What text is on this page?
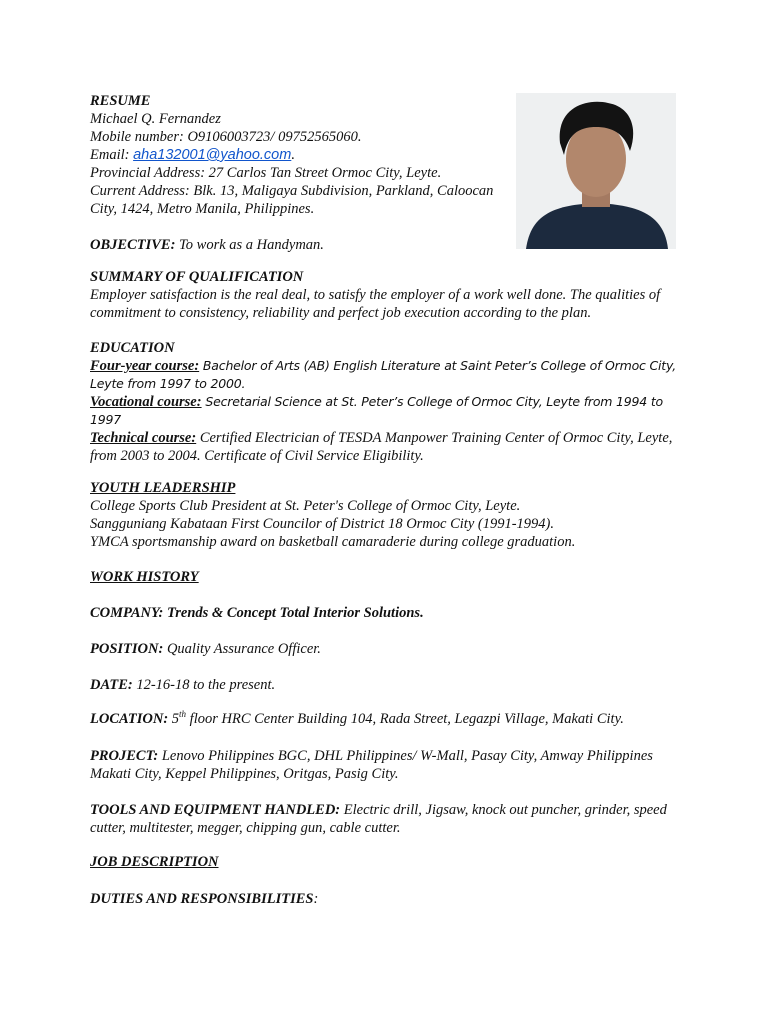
RESUME
Michael Q. Fernandez
Mobile number: O9106003723/ 09752565060.
Email: aha132001@yahoo.com.
Provincial Address: 27 Carlos Tan Street Ormoc City, Leyte.
Current Address: Blk. 13, Maligaya Subdivision, Parkland, Caloocan
City, 1424, Metro Manila, Philippines.
OBJECTIVE: To work as a Handyman.
SUMMARY OF QUALIFICATION
Employer satisfaction is the real deal, to satisfy the employer of a work well done. The qualities of commitment to consistency, reliability and perfect job execution according to the plan.
EDUCATION
Four-year course: Bachelor of Arts (AB) English Literature at Saint Peter’s College of Ormoc City, Leyte from 1997 to 2000.
Vocational course: Secretarial Science at St. Peter’s College of Ormoc City, Leyte from 1994 to 1997
Technical course: Certified Electrician of TESDA Manpower Training Center of Ormoc City, Leyte, from 2003 to 2004. Certificate of Civil Service Eligibility.
YOUTH LEADERSHIP
College Sports Club President at St. Peter's College of Ormoc City, Leyte.
Sangguniang Kabataan First Councilor of District 18 Ormoc City (1991-1994).
YMCA sportsmanship award on basketball camaraderie during college graduation.
WORK HISTORY
COMPANY: Trends & Concept Total Interior Solutions.
POSITION: Quality Assurance Officer.
DATE: 12-16-18 to the present.
LOCATION: 5th floor HRC Center Building 104, Rada Street, Legazpi Village, Makati City.
PROJECT: Lenovo Philippines BGC, DHL Philippines/ W-Mall, Pasay City, Amway Philippines Makati City, Keppel Philippines, Oritgas, Pasig City.
TOOLS AND EQUIPMENT HANDLED: Electric drill, Jigsaw, knock out puncher, grinder, speed cutter, multitester, megger, chipping gun, cable cutter.
JOB DESCRIPTION
DUTIES AND RESPONSIBILITIES:
